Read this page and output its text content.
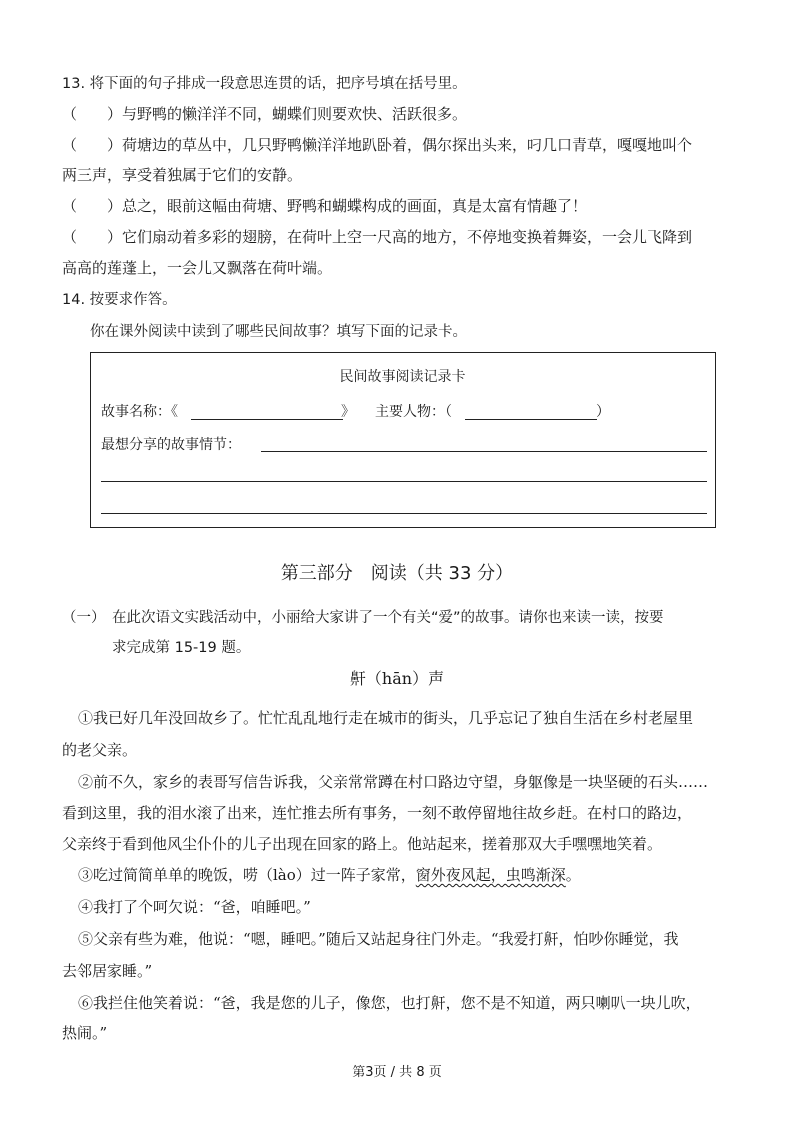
13. 将下面的句子排成一段意思连贯的话，把序号填在括号里。
（　　）与野鸭的懒洋洋不同，蝴蝶们则要欢快、活跃很多。
（　　）荷塘边的草丛中，几只野鸭懒洋洋地趴卧着，偶尔探出头来，叼几口青草，嘎嘎地叫个
两三声，享受着独属于它们的安静。
（　　）总之，眼前这幅由荷塘、野鸭和蝴蝶构成的画面，真是太富有情趣了！
（　　）它们扇动着多彩的翅膀，在荷叶上空一尺高的地方，不停地变换着舞姿，一会儿飞降到
高高的莲蓬上，一会儿又飘落在荷叶端。
14. 按要求作答。
你在课外阅读中读到了哪些民间故事？填写下面的记录卡。
民间故事阅读记录卡
故事名称：《	》 主要人物：（	）
最想分享的故事情节：
第三部分　阅读（共 33 分）
（一） 在此次语文实践活动中，小丽给大家讲了一个有关“爱”的故事。请你也来读一读，按要
求完成第 15-19 题。
鼾（hān）声
①我已好几年没回故乡了。忙忙乱乱地行走在城市的街头，几乎忘记了独自生活在乡村老屋里
的老父亲。
②前不久，家乡的表哥写信告诉我，父亲常常蹲在村口路边守望，身躯像是一块坚硬的石头……
看到这里，我的泪水滚了出来，连忙推去所有事务，一刻不敢停留地往故乡赶。在村口的路边，
父亲终于看到他风尘仆仆的儿子出现在回家的路上。他站起来，搓着那双大手嘿嘿地笑着。
③吃过简简单单的晚饭，唠（lào）过一阵子家常，窗外夜风起，虫鸣渐深。
④我打了个呵欠说：“爸，咱睡吧。”
⑤父亲有些为难，他说：“嗯，睡吧。”随后又站起身往门外走。“我爱打鼾，怕吵你睡觉，我
去邻居家睡。”
⑥我拦住他笑着说：“爸，我是您的儿子，像您，也打鼾，您不是不知道，两只喇叭一块儿吹，
热闹。”
第3页 / 共 8 页
